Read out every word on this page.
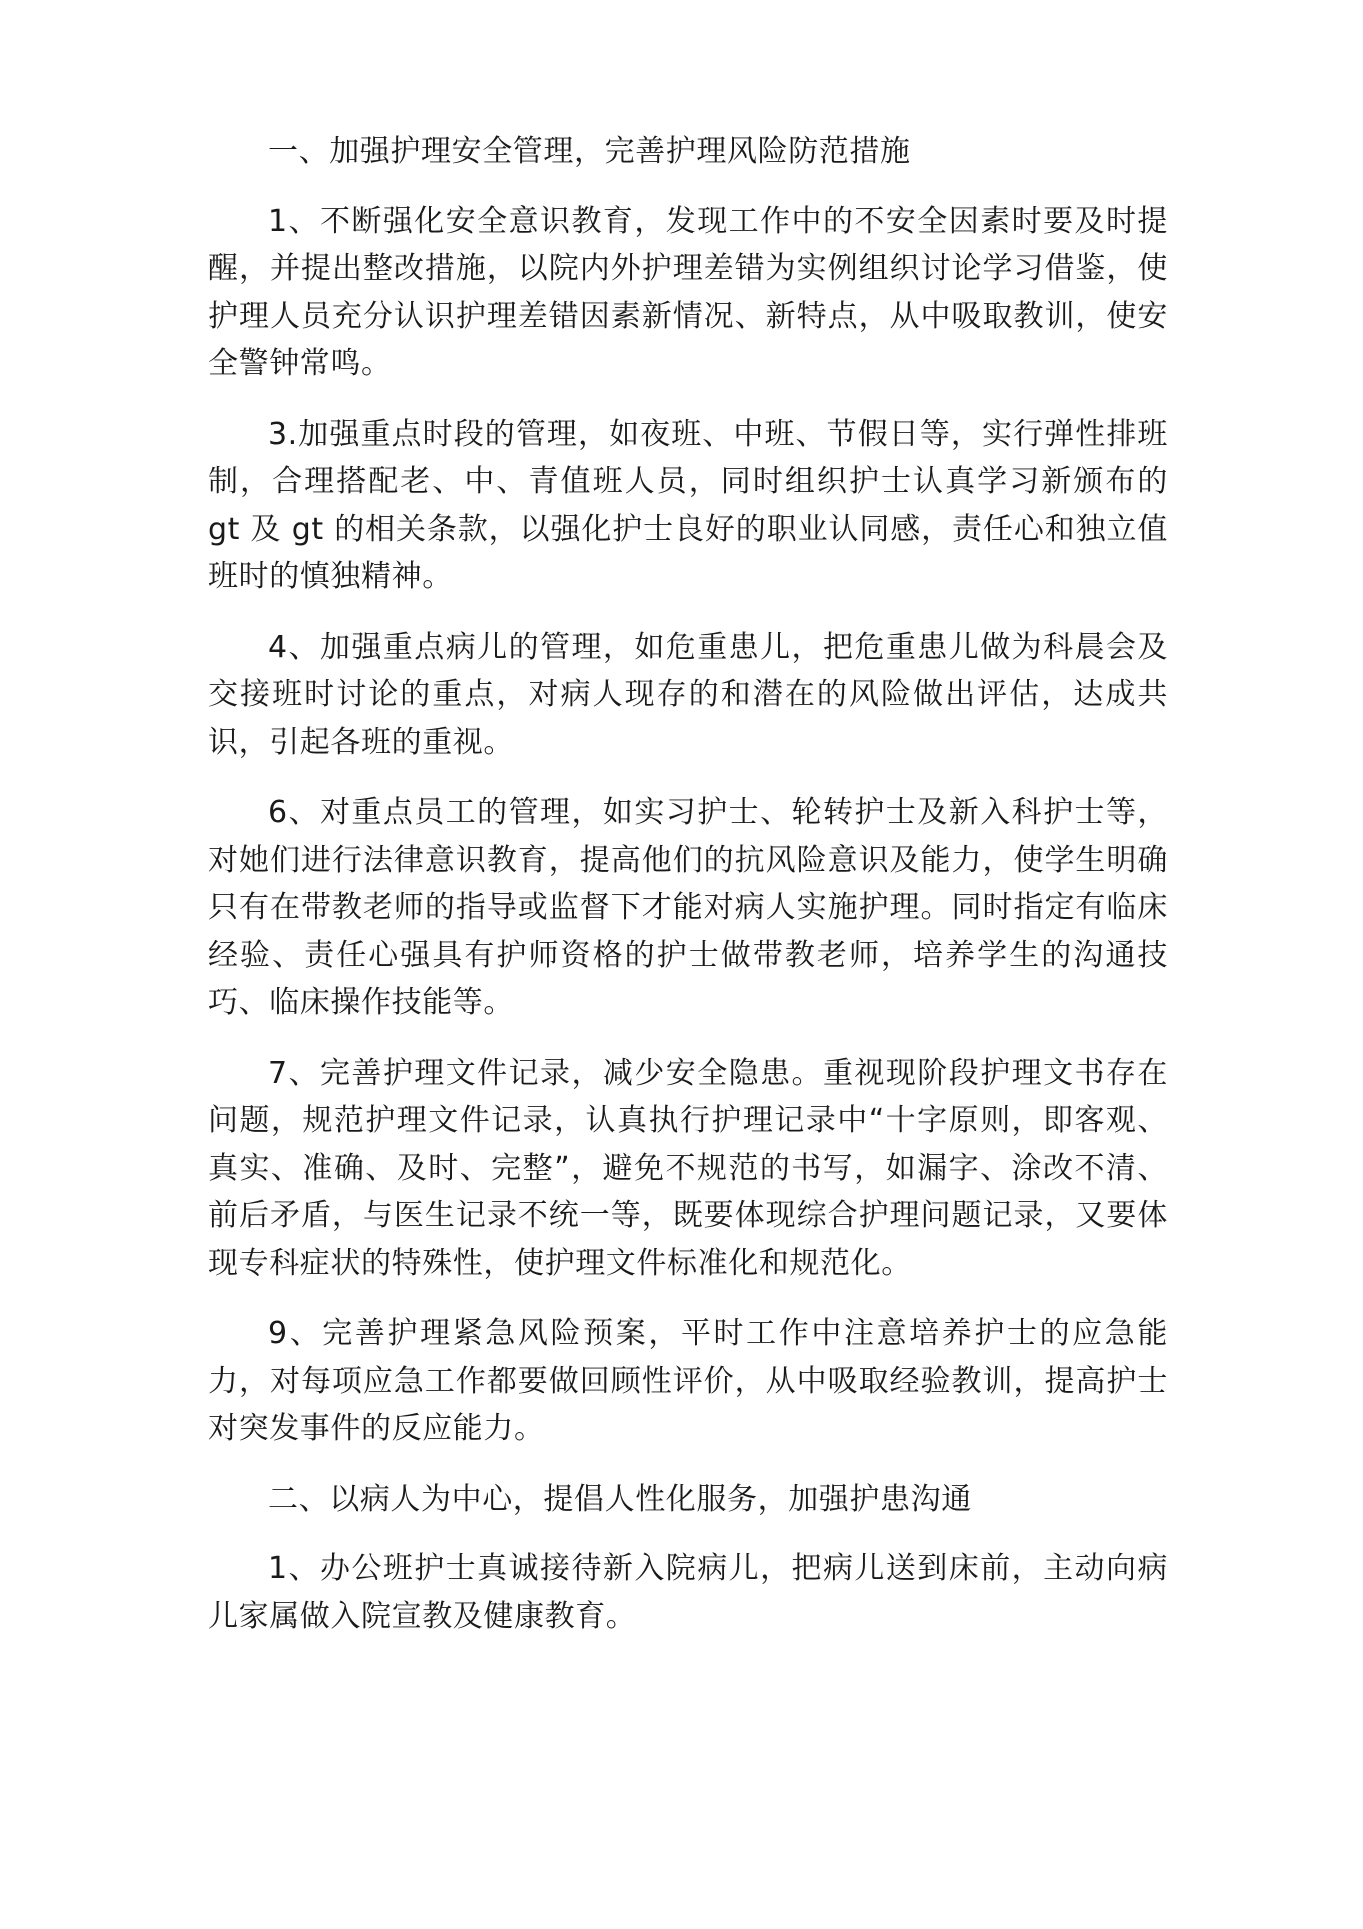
一、加强护理安全管理，完善护理风险防范措施

1、不断强化安全意识教育，发现工作中的不安全因素时要及时提醒，并提出整改措施，以院内外护理差错为实例组织讨论学习借鉴，使护理人员充分认识护理差错因素新情况、新特点，从中吸取教训，使安全警钟常鸣。

3.加强重点时段的管理，如夜班、中班、节假日等，实行弹性排班制，合理搭配老、中、青值班人员，同时组织护士认真学习新颁布的 gt 及 gt 的相关条款，以强化护士良好的职业认同感，责任心和独立值班时的慎独精神。

4、加强重点病儿的管理，如危重患儿，把危重患儿做为科晨会及交接班时讨论的重点，对病人现存的和潜在的风险做出评估，达成共识，引起各班的重视。

6、对重点员工的管理，如实习护士、轮转护士及新入科护士等，对她们进行法律意识教育，提高他们的抗风险意识及能力，使学生明确只有在带教老师的指导或监督下才能对病人实施护理。同时指定有临床经验、责任心强具有护师资格的护士做带教老师，培养学生的沟通技巧、临床操作技能等。

7、完善护理文件记录，减少安全隐患。重视现阶段护理文书存在问题，规范护理文件记录，认真执行护理记录中“十字原则，即客观、真实、准确、及时、完整”，避免不规范的书写，如漏字、涂改不清、前后矛盾，与医生记录不统一等，既要体现综合护理问题记录，又要体现专科症状的特殊性，使护理文件标准化和规范化。

9、完善护理紧急风险预案，平时工作中注意培养护士的应急能力，对每项应急工作都要做回顾性评价，从中吸取经验教训，提高护士对突发事件的反应能力。

二、以病人为中心，提倡人性化服务，加强护患沟通

1、办公班护士真诚接待新入院病儿，把病儿送到床前，主动向病儿家属做入院宣教及健康教育。
